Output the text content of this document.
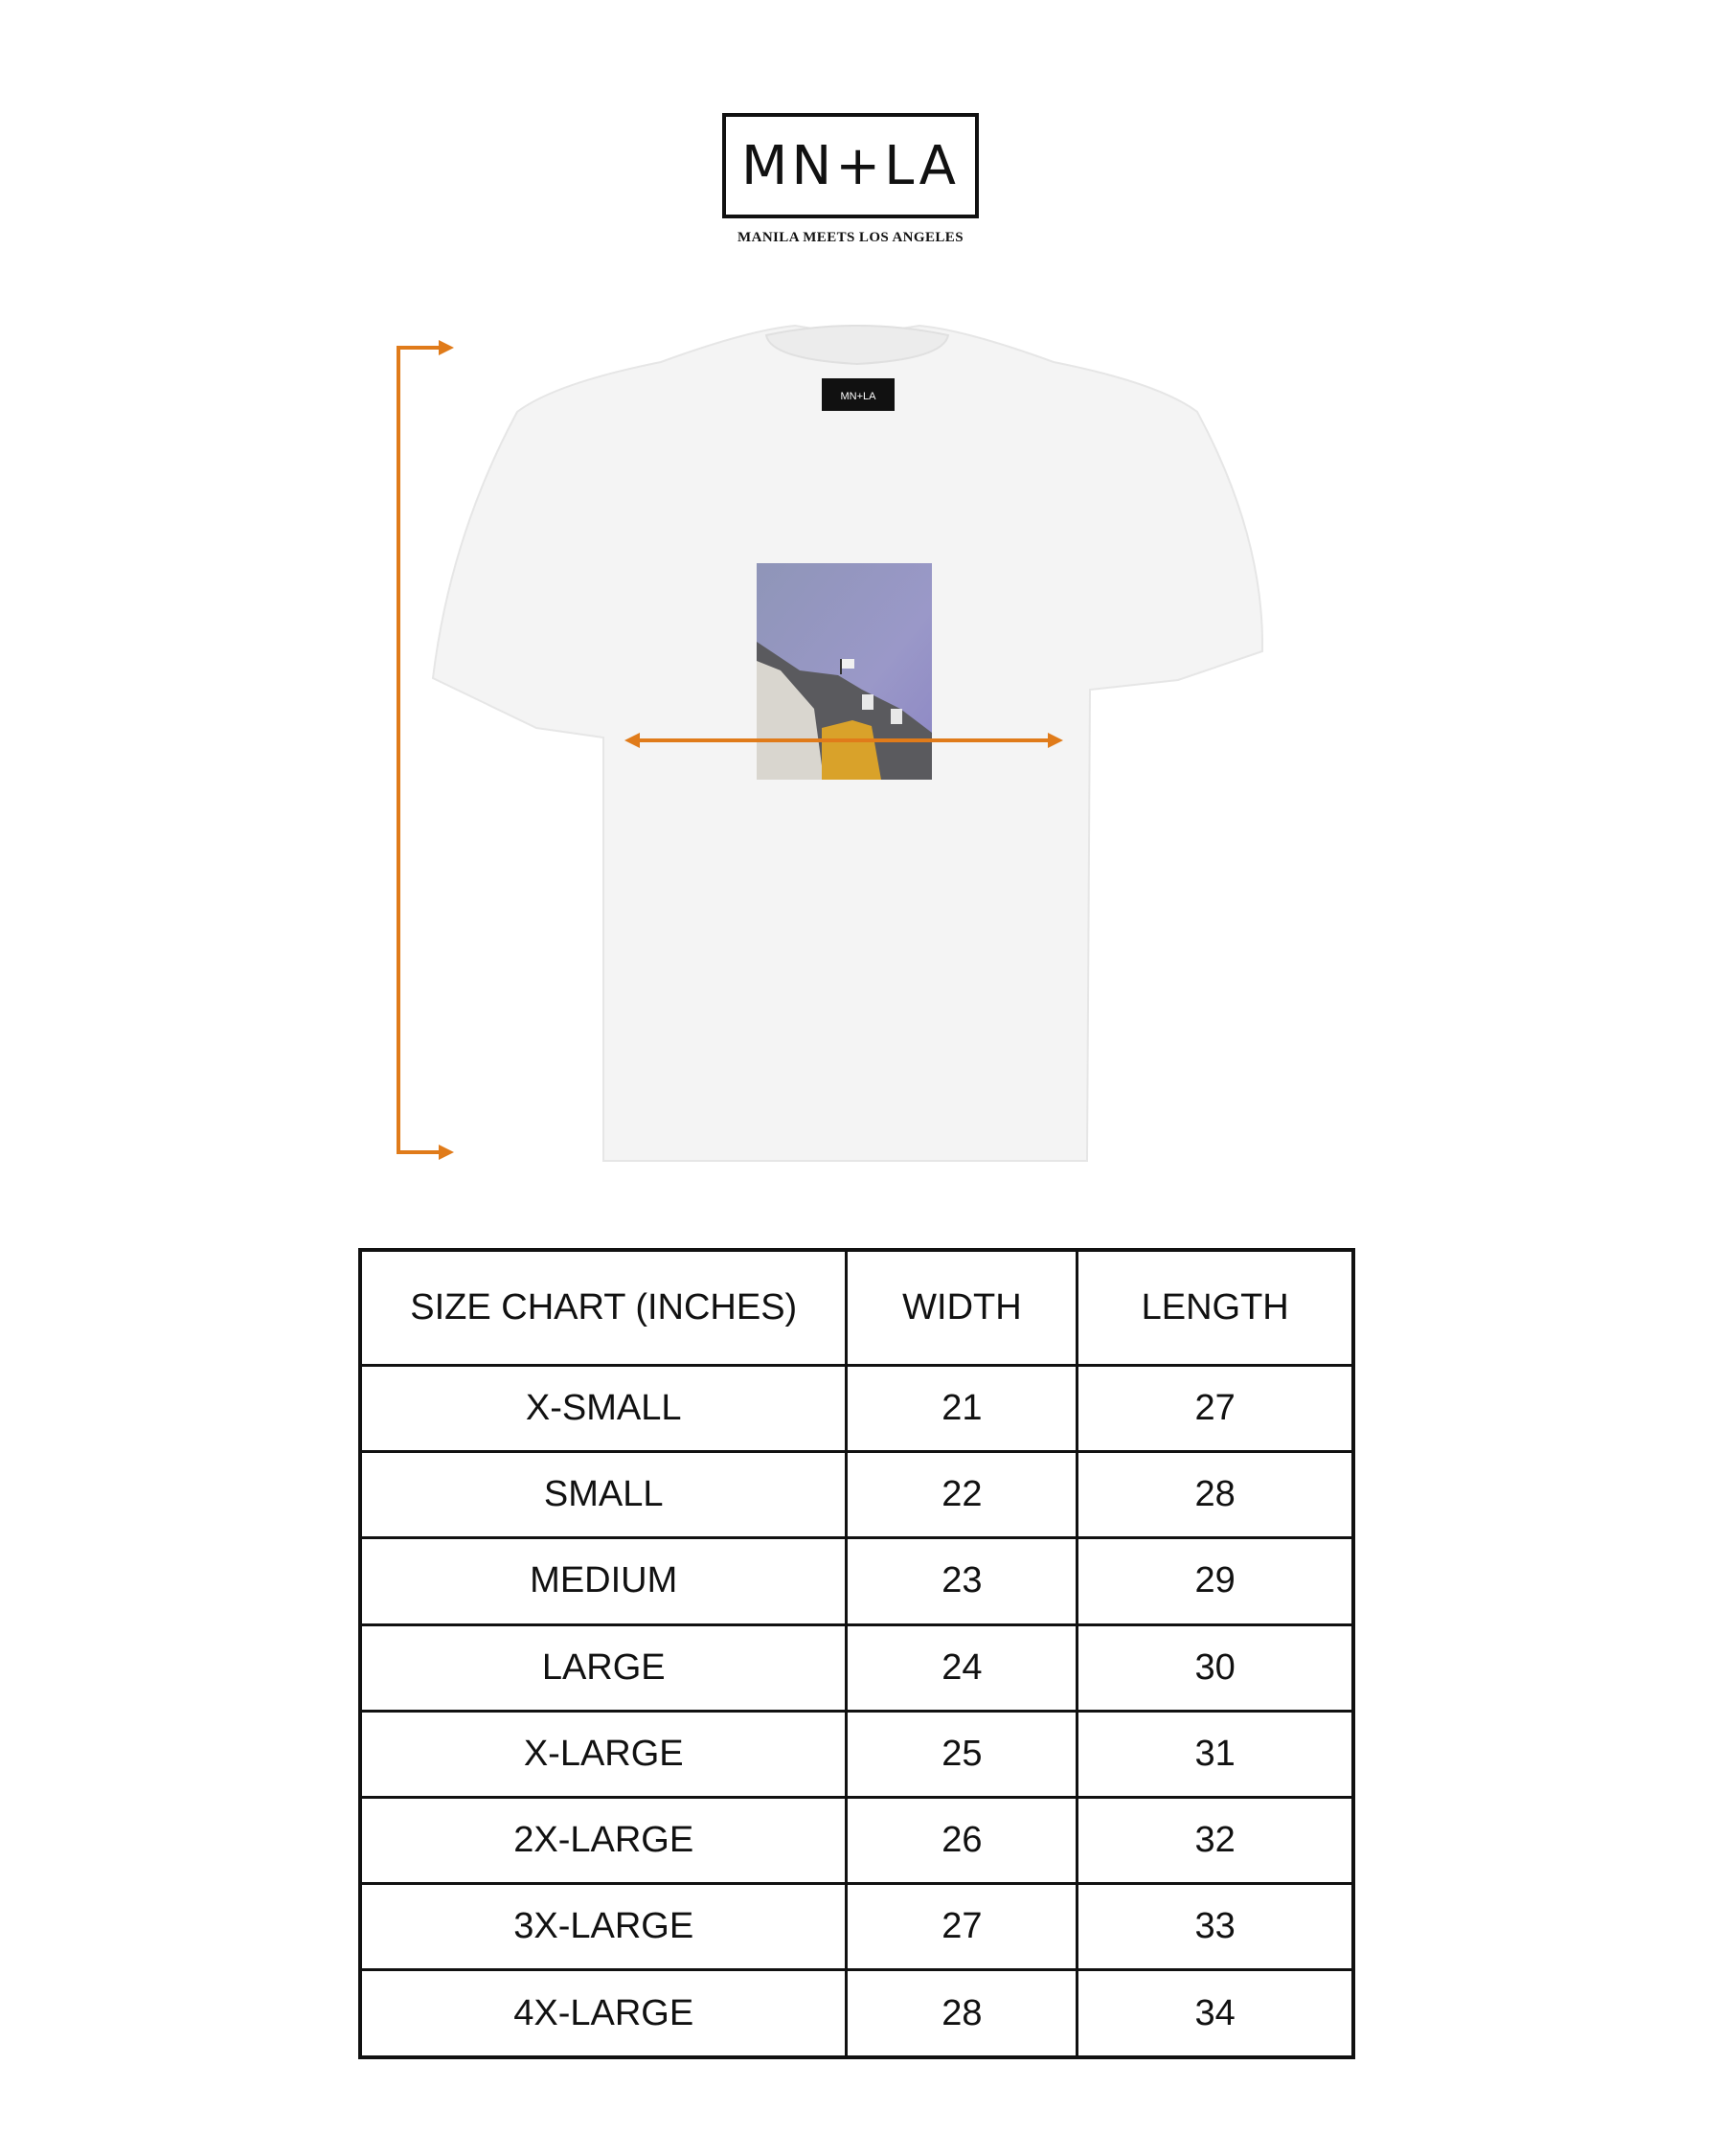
MN+LA
MANILA MEETS LOS ANGELES
MN+LA
SIZE CHART (INCHES)	WIDTH	LENGTH
X-SMALL	21	27
SMALL	22	28
MEDIUM	23	29
LARGE	24	30
X-LARGE	25	31
2X-LARGE	26	32
3X-LARGE	27	33
4X-LARGE	28	34
